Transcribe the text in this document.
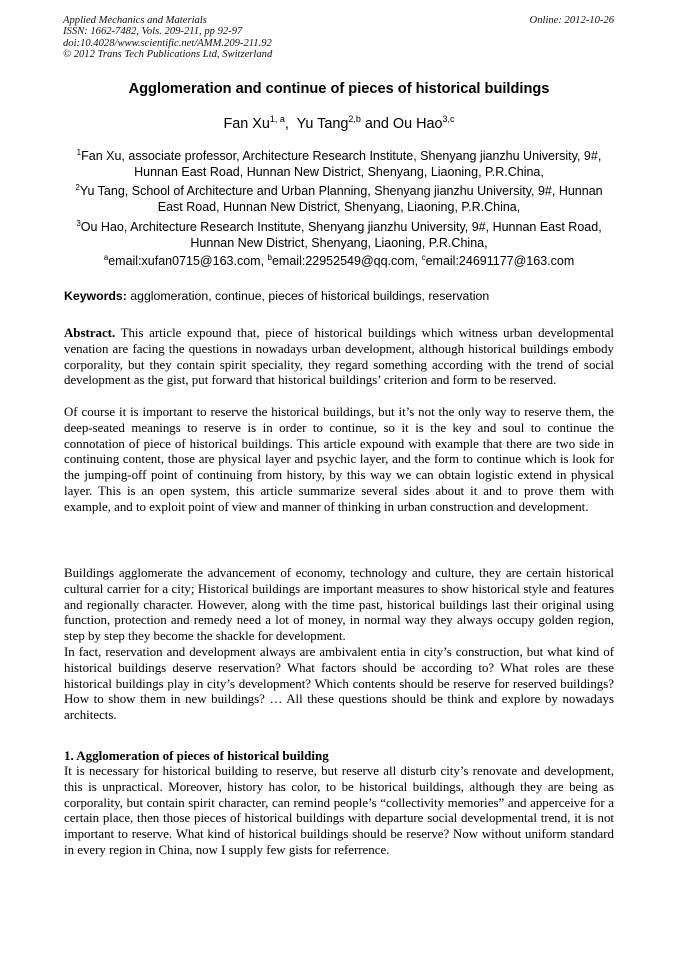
Applied Mechanics and Materials
ISSN: 1662-7482, Vols. 209-211, pp 92-97
doi:10.4028/www.scientific.net/AMM.209-211.92
© 2012 Trans Tech Publications Ltd, Switzerland
Online: 2012-10-26
Agglomeration and continue of pieces of historical buildings
Fan Xu$^{1, a}$,  Yu Tang$^{2,b}$ and Ou Hao$^{3,c}$
$^1$Fan Xu, associate professor, Architecture Research Institute, Shenyang jianzhu University, 9#, Hunnan East Road, Hunnan New District, Shenyang, Liaoning, P.R.China,
$^2$Yu Tang, School of Architecture and Urban Planning, Shenyang jianzhu University, 9#, Hunnan East Road, Hunnan New District, Shenyang, Liaoning, P.R.China,
$^3$Ou Hao, Architecture Research Institute, Shenyang jianzhu University, 9#, Hunnan East Road, Hunnan New District, Shenyang, Liaoning, P.R.China,
$^a$email:xufan0715@163.com, $^b$email:22952549@qq.com, $^c$email:24691177@163.com
Keywords: agglomeration, continue, pieces of historical buildings, reservation

Abstract. This article expound that, piece of historical buildings which witness urban developmental venation are facing the questions in nowadays urban development, although historical buildings embody corporality, but they contain spirit speciality, they regard something according with the trend of social development as the gist, put forward that historical buildings’ criterion and form to be reserved.

Of course it is important to reserve the historical buildings, but it’s not the only way to reserve them, the deep-seated meanings to reserve is in order to continue, so it is the key and soul to continue the connotation of piece of historical buildings. This article expound with example that there are two side in continuing content, those are physical layer and psychic layer, and the form to continue which is look for the jumping-off point of continuing from history, by this way we can obtain logistic extend in physical layer. This is an open system, this article summarize several sides about it and to prove them with example, and to exploit point of view and manner of thinking in urban construction and development.

Buildings agglomerate the advancement of economy, technology and culture, they are certain historical cultural carrier for a city; Historical buildings are important measures to show historical style and features and regionally character. However, along with the time past, historical buildings last their original using function, protection and remedy need a lot of money, in normal way they always occupy golden region, step by step they become the shackle for development.

In fact, reservation and development always are ambivalent entia in city’s construction, but what kind of historical buildings deserve reservation? What factors should be according to? What roles are these historical buildings play in city’s development? Which contents should be reserve for reserved buildings? How to show them in new buildings? … All these questions should be think and explore by nowadays architects.

1. Agglomeration of pieces of historical building

It is necessary for historical building to reserve, but reserve all disturb city’s renovate and development, this is unpractical. Moreover, history has color, to be historical buildings, although they are being as corporality, but contain spirit character, can remind people’s “collectivity memories” and apperceive for a certain place, then those pieces of historical buildings with departure social developmental trend, it is not important to reserve. What kind of historical buildings should be reserve? Now without uniform standard in every region in China, now I supply few gists for referrence.
